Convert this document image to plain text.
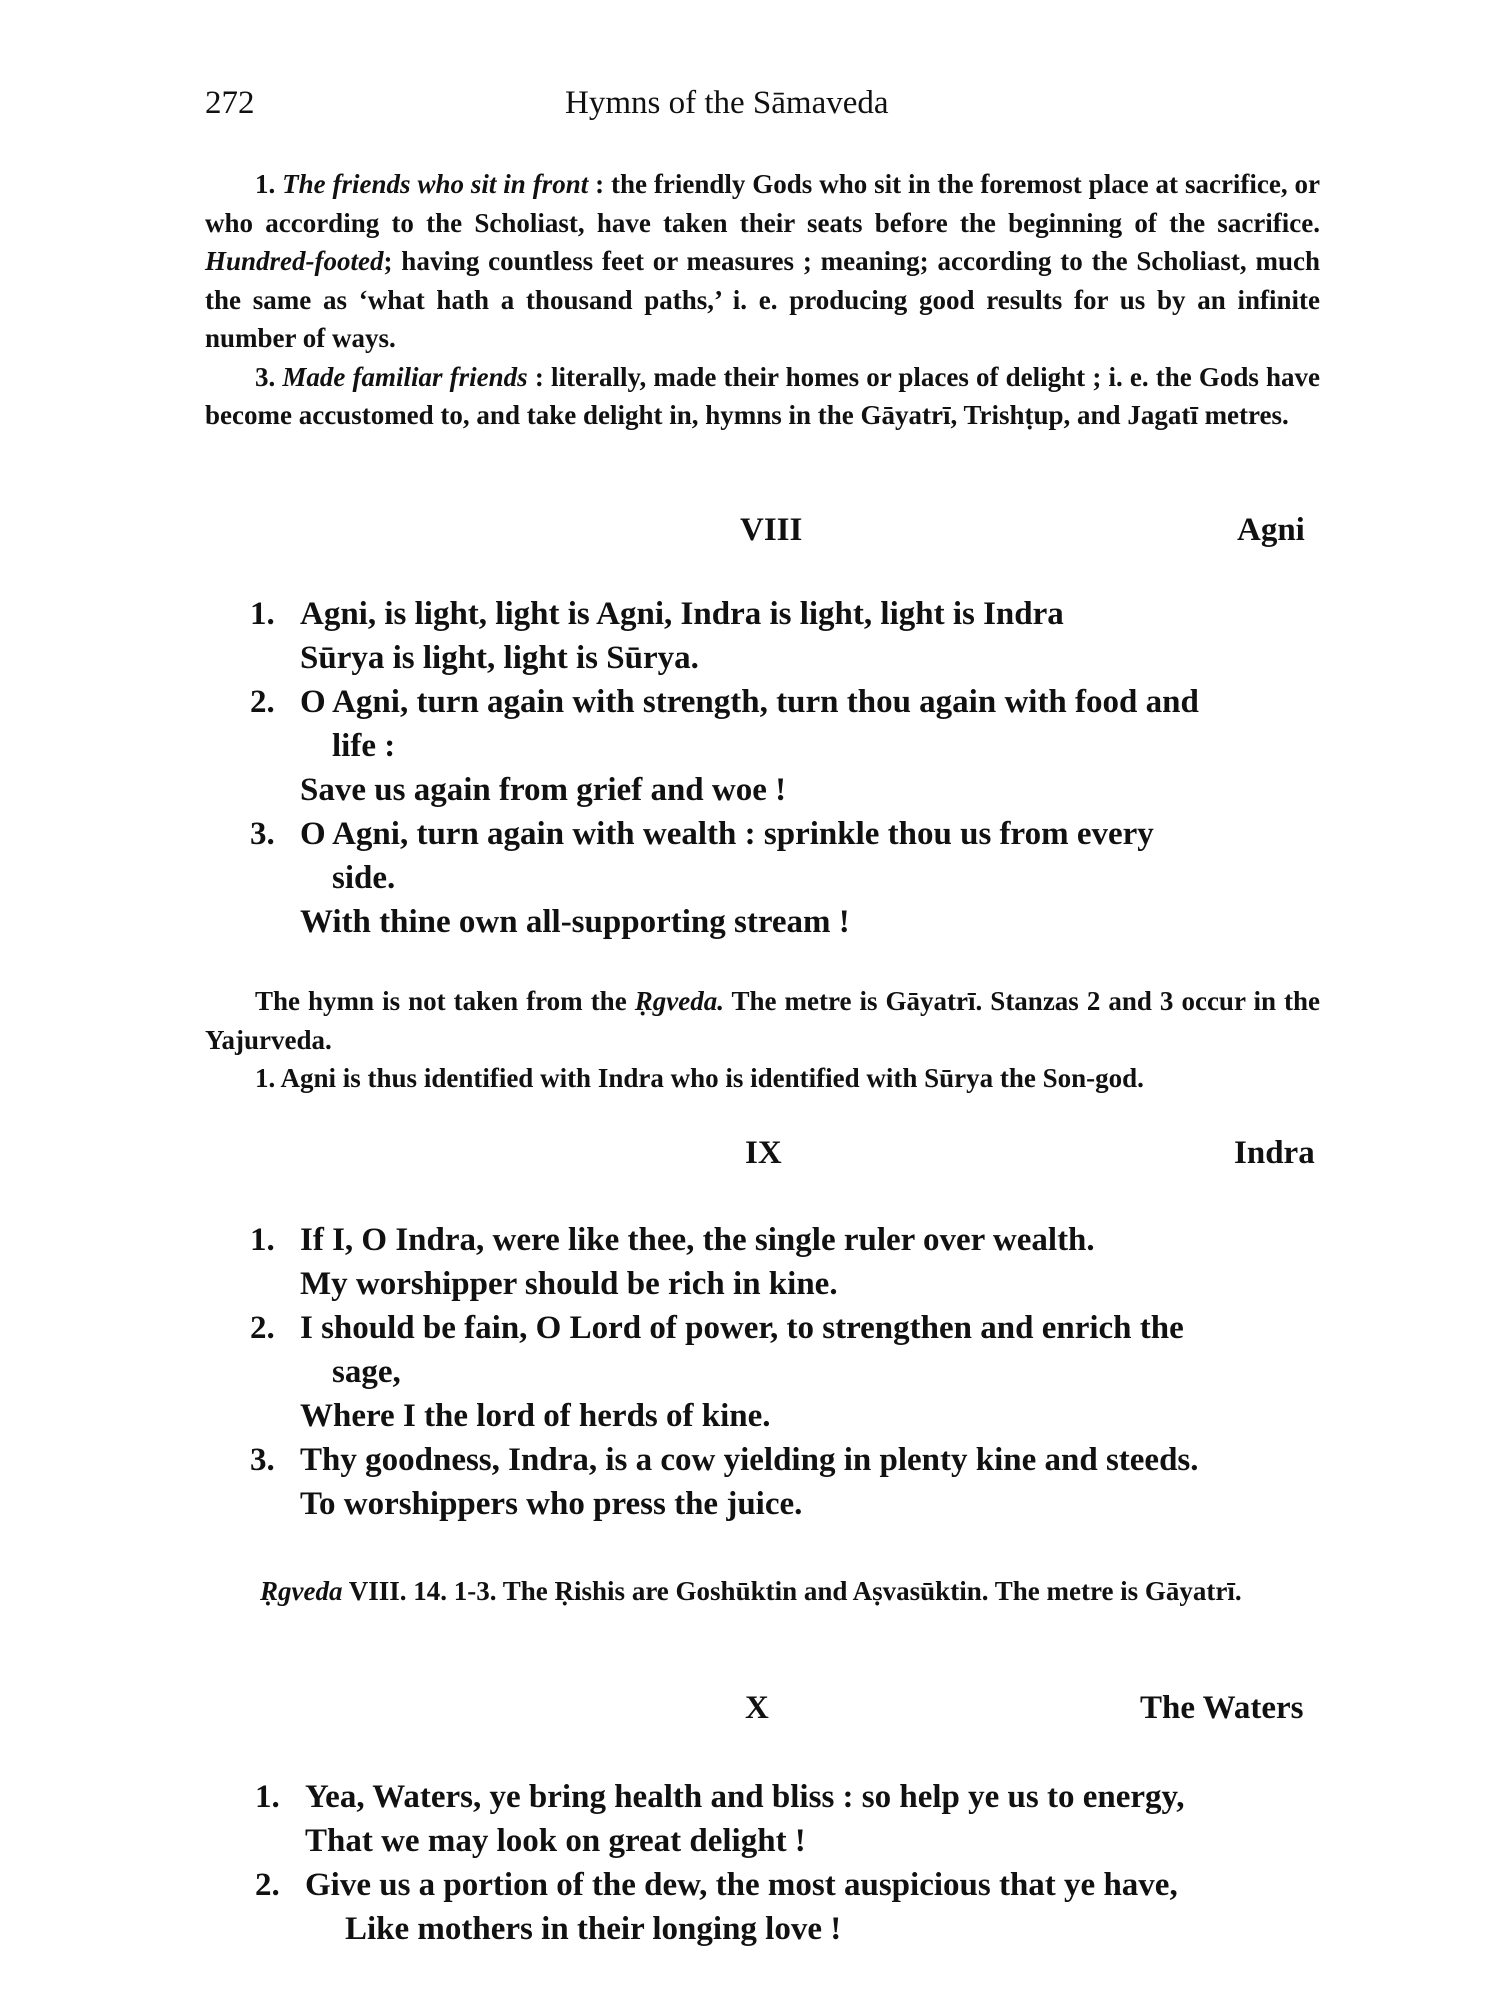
272	Hymns of the Sāmaveda

1. The friends who sit in front : the friendly Gods who sit in the foremost place at sacrifice, or who according to the Scholiast, have taken their seats before the beginning of the sacrifice. Hundred-footed; having countless feet or measures ; meaning; according to the Scholiast, much the same as ‘what hath a thousand paths,’ i. e. producing good results for us by an infinite number of ways.

3. Made familiar friends : literally, made their homes or places of delight ; i. e. the Gods have become accustomed to, and take delight in, hymns in the Gāyatrī, Trishṭup, and Jagatī metres.

VIII	Agni
1. Agni, is light, light is Agni, Indra is light, light is Indra
Sūrya is light, light is Sūrya.
2. O Agni, turn again with strength, turn thou again with food and
life :
Save us again from grief and woe !
3. O Agni, turn again with wealth : sprinkle thou us from every
side.
With thine own all-supporting stream !

The hymn is not taken from the Ṛgveda. The metre is Gāyatrī. Stanzas 2 and 3 occur in the Yajurveda.

1. Agni is thus identified with Indra who is identified with Sūrya the Son-god.

IX	Indra
1. If I, O Indra, were like thee, the single ruler over wealth.
My worshipper should be rich in kine.
2. I should be fain, O Lord of power, to strengthen and enrich the
sage,
Where I the lord of herds of kine.
3. Thy goodness, Indra, is a cow yielding in plenty kine and steeds.
To worshippers who press the juice.

Ṛgveda VIII. 14. 1-3. The Ṛishis are Goshūktin and Aṣvasūktin. The metre is Gāyatrī.

X	The Waters
1. Yea, Waters, ye bring health and bliss : so help ye us to energy,
That we may look on great delight !
2. Give us a portion of the dew, the most auspicious that ye have,
Like mothers in their longing love !
